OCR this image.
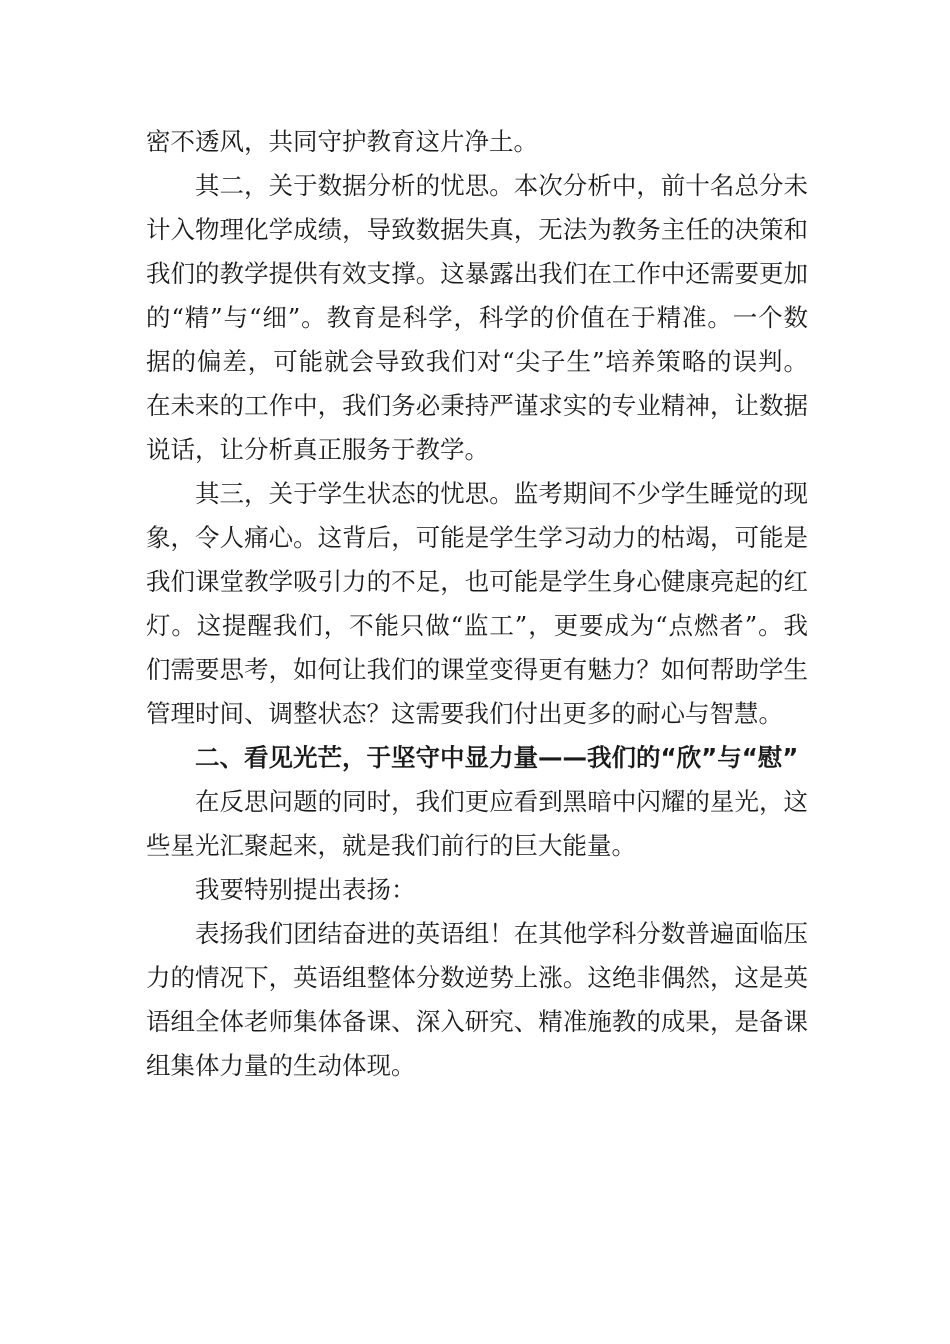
密不透风，共同守护教育这片净土。

其二，关于数据分析的忧思。本次分析中，前十名总分未计入物理化学成绩，导致数据失真，无法为教务主任的决策和我们的教学提供有效支撑。这暴露出我们在工作中还需要更加的“精”与“细”。教育是科学，科学的价值在于精准。一个数据的偏差，可能就会导致我们对“尖子生”培养策略的误判。在未来的工作中，我们务必秉持严谨求实的专业精神，让数据说话，让分析真正服务于教学。

其三，关于学生状态的忧思。监考期间不少学生睡觉的现象，令人痛心。这背后，可能是学生学习动力的枯竭，可能是我们课堂教学吸引力的不足，也可能是学生身心健康亮起的红灯。这提醒我们，不能只做“监工”，更要成为“点燃者”。我们需要思考，如何让我们的课堂变得更有魅力？如何帮助学生管理时间、调整状态？这需要我们付出更多的耐心与智慧。

二、看见光芒，于坚守中显力量——我们的“欣”与“慰”

在反思问题的同时，我们更应看到黑暗中闪耀的星光，这些星光汇聚起来，就是我们前行的巨大能量。

我要特别提出表扬：

表扬我们团结奋进的英语组！在其他学科分数普遍面临压力的情况下，英语组整体分数逆势上涨。这绝非偶然，这是英语组全体老师集体备课、深入研究、精准施教的成果，是备课组集体力量的生动体现。
